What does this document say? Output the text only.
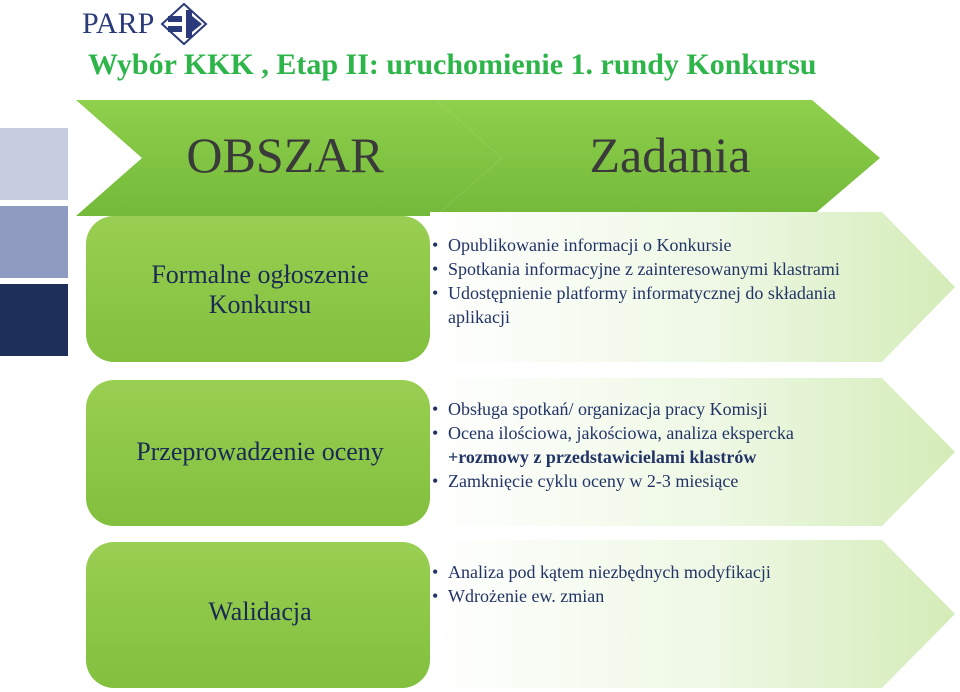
PARP
Wybór KKK , Etap II: uruchomienie 1. rundy Konkursu
OBSZAR	Zadania
Formalne ogłoszenie Konkursu
• Opublikowanie informacji o Konkursie
• Spotkania informacyjne z zainteresowanymi klastrami
• Udostępnienie platformy informatycznej do składania aplikacji
Przeprowadzenie oceny
• Obsługa spotkań/ organizacja pracy Komisji
• Ocena ilościowa, jakościowa, analiza ekspercka
+rozmowy z przedstawicielami klastrów
• Zamknięcie cyklu oceny w 2-3 miesiące
Walidacja
• Analiza pod kątem niezbędnych modyfikacji
• Wdrożenie ew. zmian
